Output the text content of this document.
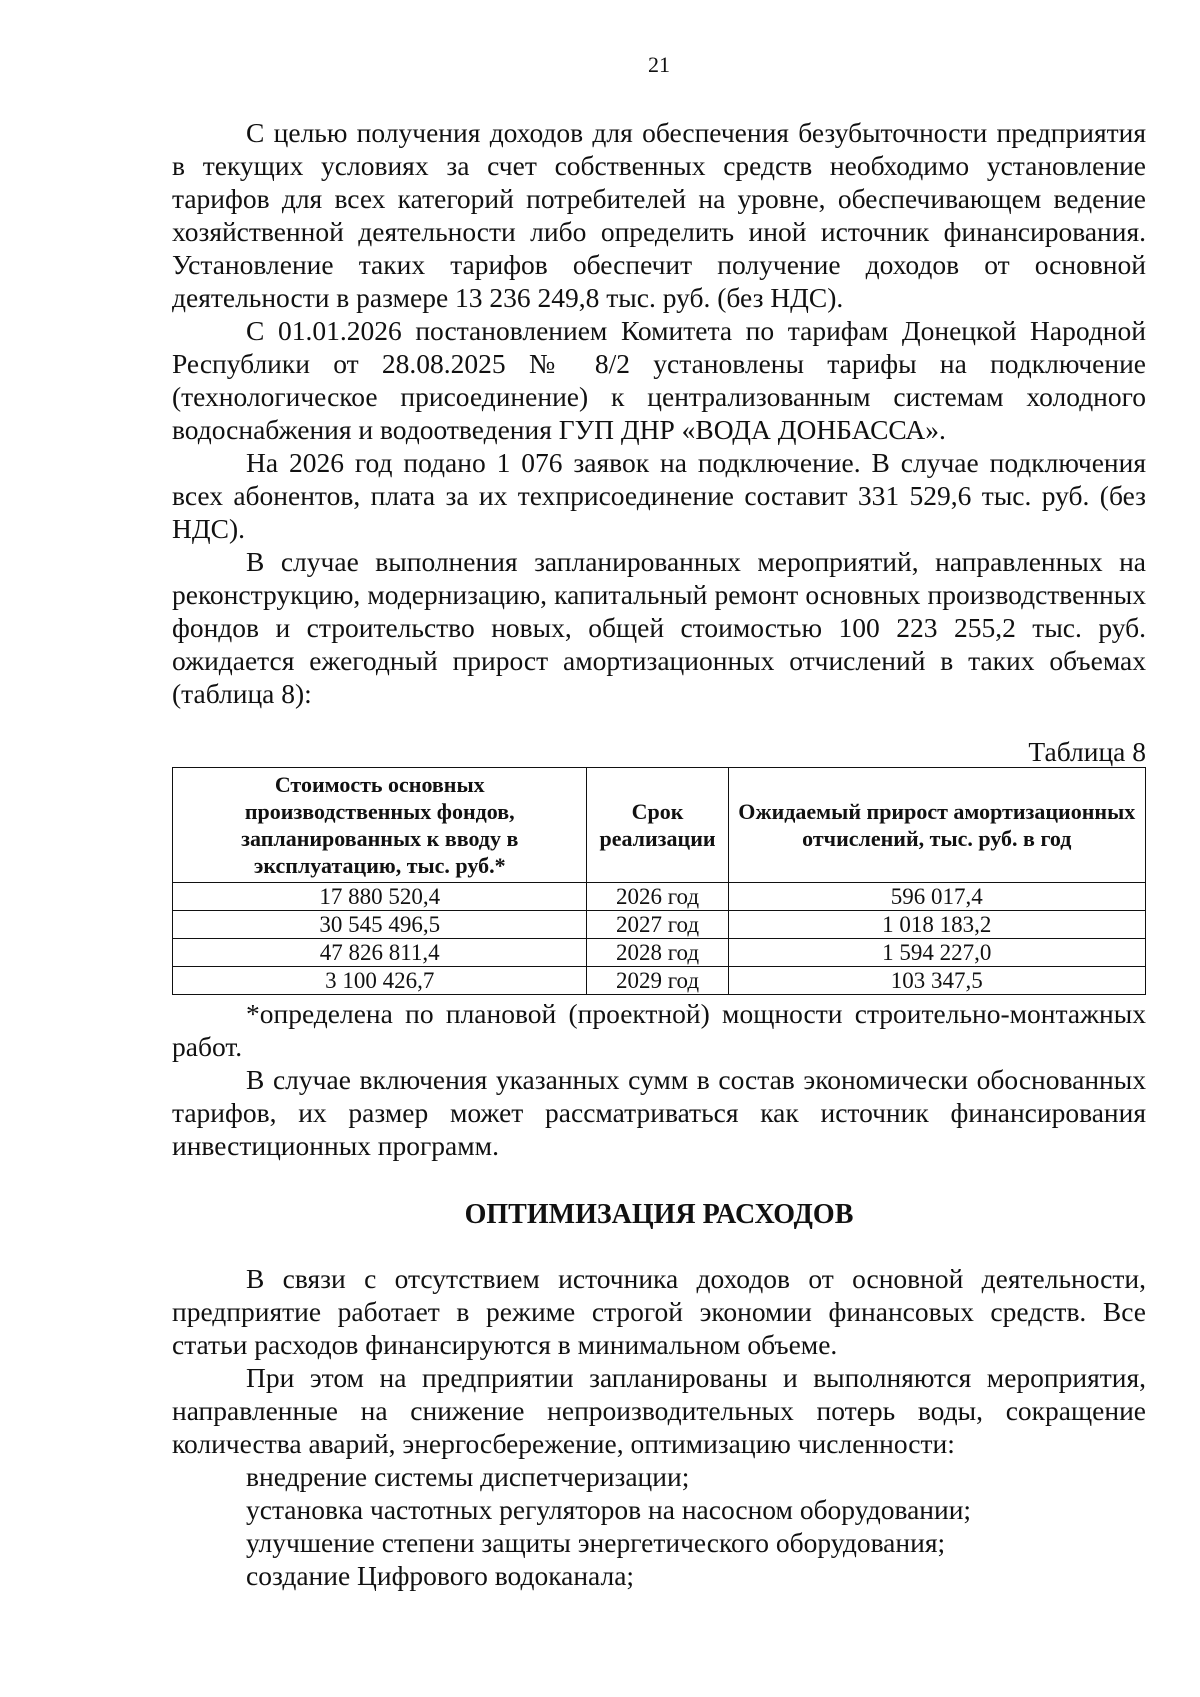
21

С целью получения доходов для обеспечения безубыточности предприятия в текущих условиях за счет собственных средств необходимо установление тарифов для всех категорий потребителей на уровне, обеспечивающем ведение хозяйственной деятельности либо определить иной источник финансирования. Установление таких тарифов обеспечит получение доходов от основной деятельности в размере 13 236 249,8 тыс. руб. (без НДС).

С 01.01.2026 постановлением Комитета по тарифам Донецкой Народной Республики от 28.08.2025 № 8/2 установлены тарифы на подключение (технологическое присоединение) к централизованным системам холодного водоснабжения и водоотведения ГУП ДНР «ВОДА ДОНБАССА».

На 2026 год подано 1 076 заявок на подключение. В случае подключения всех абонентов, плата за их техприсоединение составит 331 529,6 тыс. руб. (без НДС).

В случае выполнения запланированных мероприятий, направленных на реконструкцию, модернизацию, капитальный ремонт основных производственных фондов и строительство новых, общей стоимостью 100 223 255,2 тыс. руб. ожидается ежегодный прирост амортизационных отчислений в таких объемах (таблица 8):

Таблица 8

Стоимость основных производственных фондов, запланированных к вводу в эксплуатацию, тыс. руб.*	Срок реализации	Ожидаемый прирост амортизационных отчислений, тыс. руб. в год
17 880 520,4	2026 год	596 017,4
30 545 496,5	2027 год	1 018 183,2
47 826 811,4	2028 год	1 594 227,0
3 100 426,7	2029 год	103 347,5

*определена по плановой (проектной) мощности строительно-монтажных работ.

В случае включения указанных сумм в состав экономически обоснованных тарифов, их размер может рассматриваться как источник финансирования инвестиционных программ.

ОПТИМИЗАЦИЯ РАСХОДОВ

В связи с отсутствием источника доходов от основной деятельности, предприятие работает в режиме строгой экономии финансовых средств. Все статьи расходов финансируются в минимальном объеме.

При этом на предприятии запланированы и выполняются мероприятия, направленные на снижение непроизводительных потерь воды, сокращение количества аварий, энергосбережение, оптимизацию численности:

внедрение системы диспетчеризации;

установка частотных регуляторов на насосном оборудовании;

улучшение степени защиты энергетического оборудования;

создание Цифрового водоканала;
